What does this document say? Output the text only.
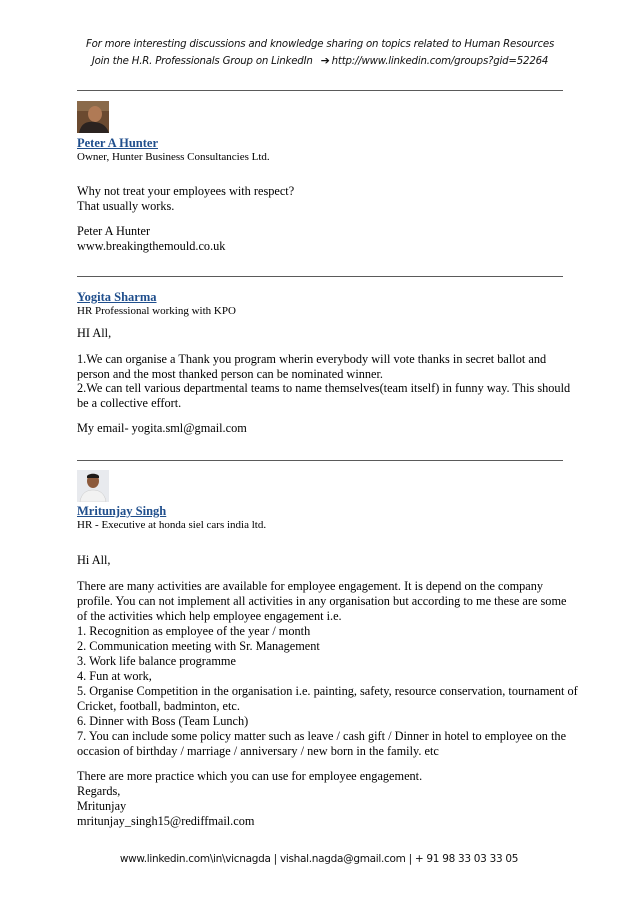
For more interesting discussions and knowledge sharing on topics related to Human Resources
Join the H.R. Professionals Group on LinkedIn ➔ http://www.linkedin.com/groups?gid=52264
Peter A Hunter
Owner, Hunter Business Consultancies Ltd.
Why not treat your employees with respect?
That usually works.
Peter A Hunter
www.breakingthemould.co.uk
Yogita Sharma
HR Professional working with KPO
HI All,
1.We can organise a Thank you program wherin everybody will vote thanks in secret ballot and
person and the most thanked person can be nominated winner.
2.We can tell various departmental teams to name themselves(team itself) in funny way. This should
be a collective effort.
My email- yogita.sml@gmail.com
Mritunjay Singh
HR - Executive at honda siel cars india ltd.
Hi All,
There are many activities are available for employee engagement. It is depend on the company
profile. You can not implement all activities in any organisation but according to me these are some
of the activities which help employee engagement i.e.
1. Recognition as employee of the year / month
2. Communication meeting with Sr. Management
3. Work life balance programme
4. Fun at work,
5. Organise Competition in the organisation i.e. painting, safety, resource conservation, tournament of
Cricket, football, badminton, etc.
6. Dinner with Boss (Team Lunch)
7. You can include some policy matter such as leave / cash gift / Dinner in hotel to employee on the
occasion of birthday / marriage / anniversary / new born in the family. etc
There are more practice which you can use for employee engagement.
Regards,
Mritunjay
mritunjay_singh15@rediffmail.com
www.linkedin.com\in\vicnagda | vishal.nagda@gmail.com | + 91 98 33 03 33 05
